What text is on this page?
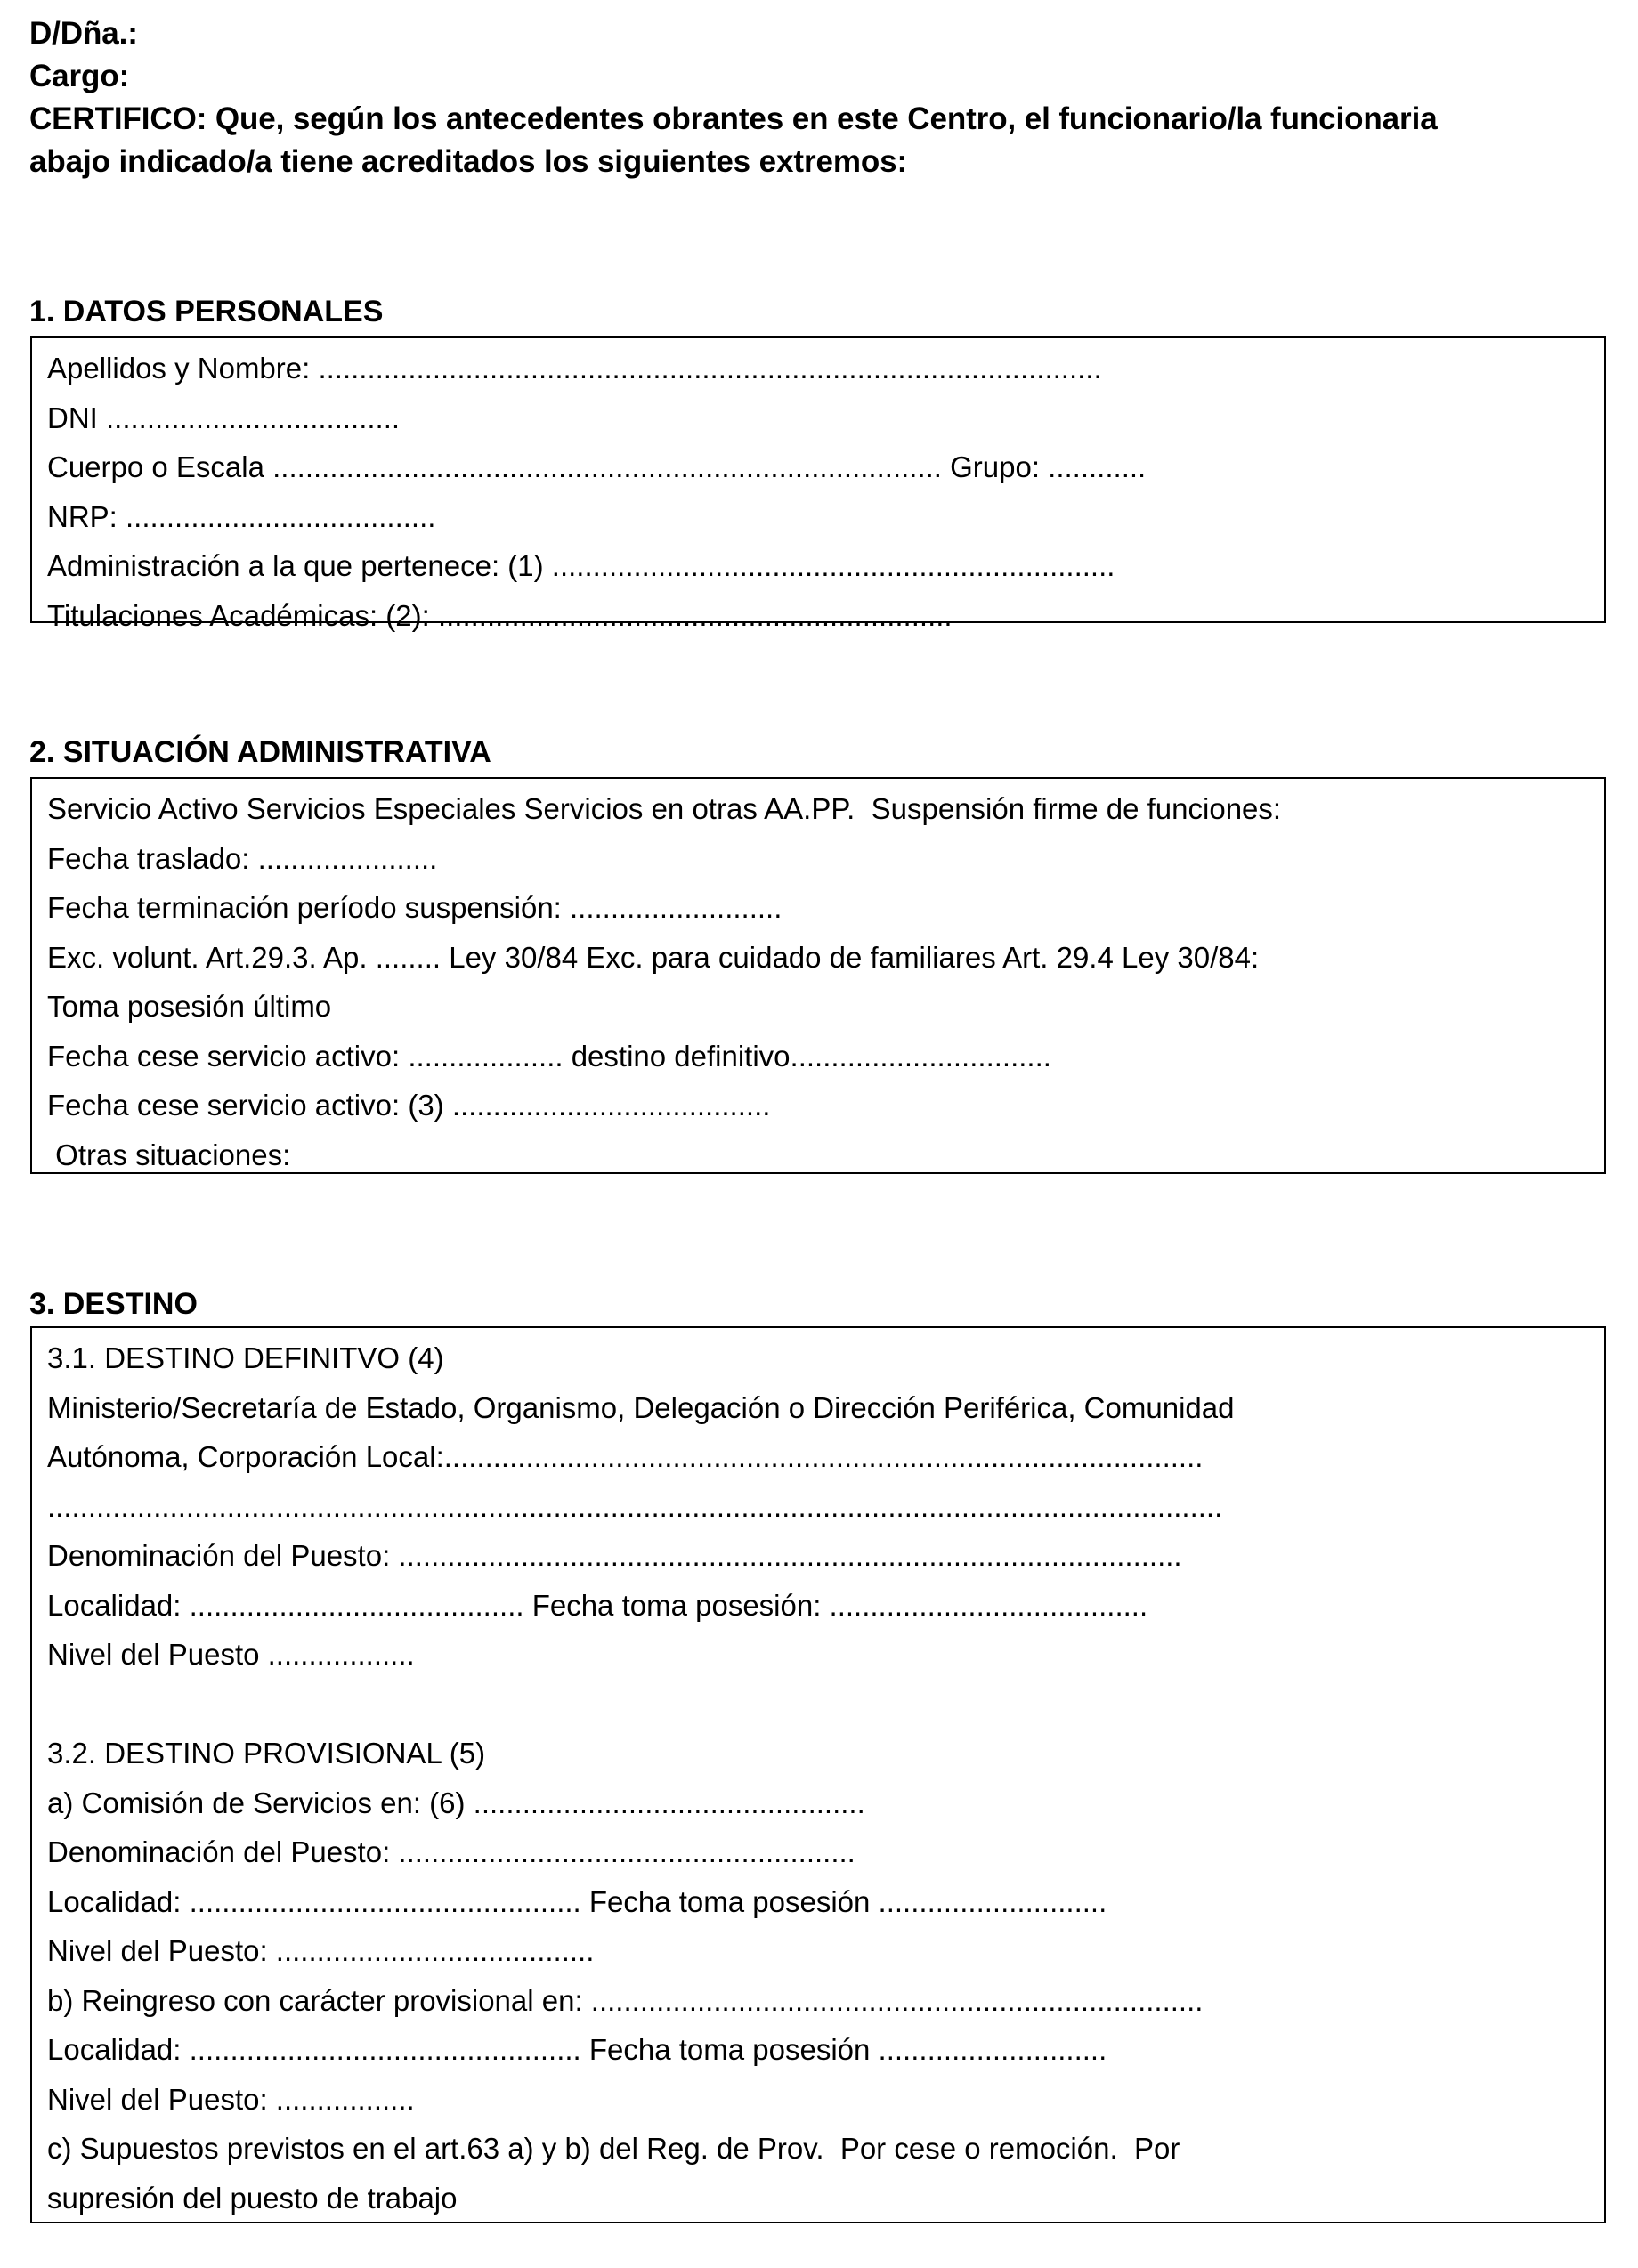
D/Dña.:
Cargo:
CERTIFICO: Que, según los antecedentes obrantes en este Centro, el funcionario/la funcionaria
abajo indicado/a tiene acreditados los siguientes extremos:
1. DATOS PERSONALES
Apellidos y Nombre: ................................................................................................
DNI ....................................
Cuerpo o Escala .................................................................................. Grupo: ............
NRP: ......................................
Administración a la que pertenece: (1) .....................................................................
Titulaciones Académicas: (2): ...............................................................
2. SITUACIÓN ADMINISTRATIVA
Servicio Activo Servicios Especiales Servicios en otras AA.PP.  Suspensión firme de funciones:
Fecha traslado: ......................
Fecha terminación período suspensión: ..........................
Exc. volunt. Art.29.3. Ap. ........ Ley 30/84 Exc. para cuidado de familiares Art. 29.4 Ley 30/84:
Toma posesión último
Fecha cese servicio activo: ................... destino definitivo................................
Fecha cese servicio activo: (3) .......................................
Otras situaciones:
3. DESTINO
3.1. DESTINO DEFINITVO (4)
Ministerio/Secretaría de Estado, Organismo, Delegación o Dirección Periférica, Comunidad
Autónoma, Corporación Local:.............................................................................................
................................................................................................................................................
Denominación del Puesto: ................................................................................................
Localidad: ......................................... Fecha toma posesión: .......................................
Nivel del Puesto ..................

3.2. DESTINO PROVISIONAL (5)
a) Comisión de Servicios en: (6) ................................................
Denominación del Puesto: ........................................................
Localidad: ................................................ Fecha toma posesión ............................
Nivel del Puesto: .......................................
b) Reingreso con carácter provisional en: ...........................................................................
Localidad: ................................................ Fecha toma posesión ............................
Nivel del Puesto: .................
c) Supuestos previstos en el art.63 a) y b) del Reg. de Prov.  Por cese o remoción.  Por
supresión del puesto de trabajo
